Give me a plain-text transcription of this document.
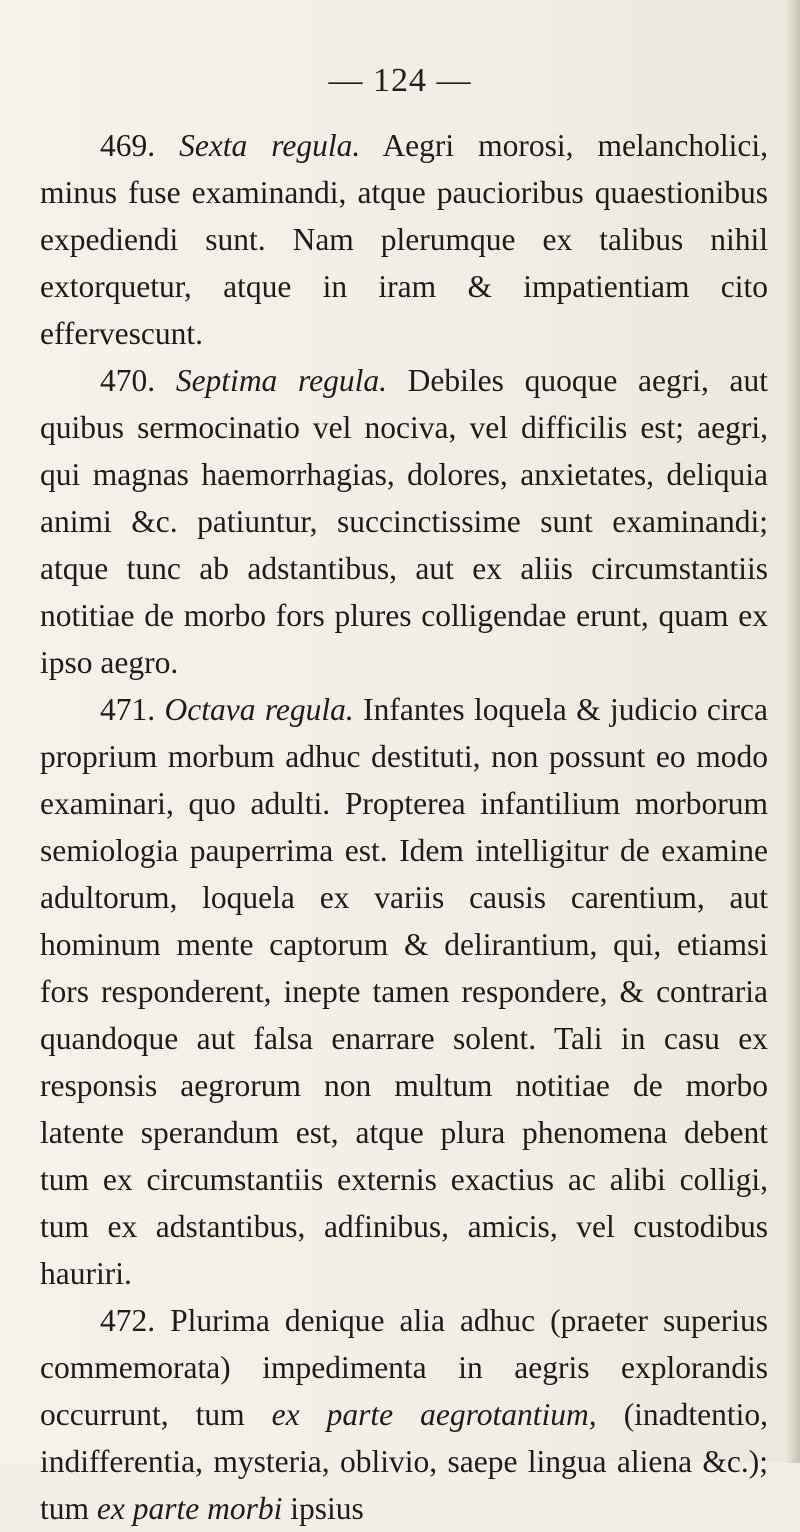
— 124 —

469. Sexta regula. Aegri morosi, melancholici, minus fuse examinandi, atque paucioribus quaestionibus expediendi sunt. Nam plerumque ex talibus nihil extorquetur, atque in iram & impatientiam cito effervescunt.

470. Septima regula. Debiles quoque aegri, aut quibus sermocinatio vel nociva, vel difficilis est; aegri, qui magnas haemorrhagias, dolores, anxietates, deliquia animi &c. patiuntur, succinctissime sunt examinandi; atque tunc ab adstantibus, aut ex aliis circumstantiis notitiae de morbo fors plures colligendae erunt, quam ex ipso aegro.

471. Octava regula. Infantes loquela & judicio circa proprium morbum adhuc destituti, non possunt eo modo examinari, quo adulti. Propterea infantilium morborum semiologia pauperrima est. Idem intelligitur de examine adultorum, loquela ex variis causis carentium, aut hominum mente captorum & delirantium, qui, etiamsi fors responderent, inepte tamen respondere, & contraria quandoque aut falsa enarrare solent. Tali in casu ex responsis aegrorum non multum notitiae de morbo latente sperandum est, atque plura phenomena debent tum ex circumstantiis externis exactius ac alibi colligi, tum ex adstantibus, adfinibus, amicis, vel custodibus hauriri.

472. Plurima denique alia adhuc (praeter superius commemorata) impedimenta in aegris explorandis occurrunt, tum ex parte aegrotantium, (inadtentio, indifferentia, mysteria, oblivio, saepe lingua aliena &c.); tum ex parte morbi ipsius
